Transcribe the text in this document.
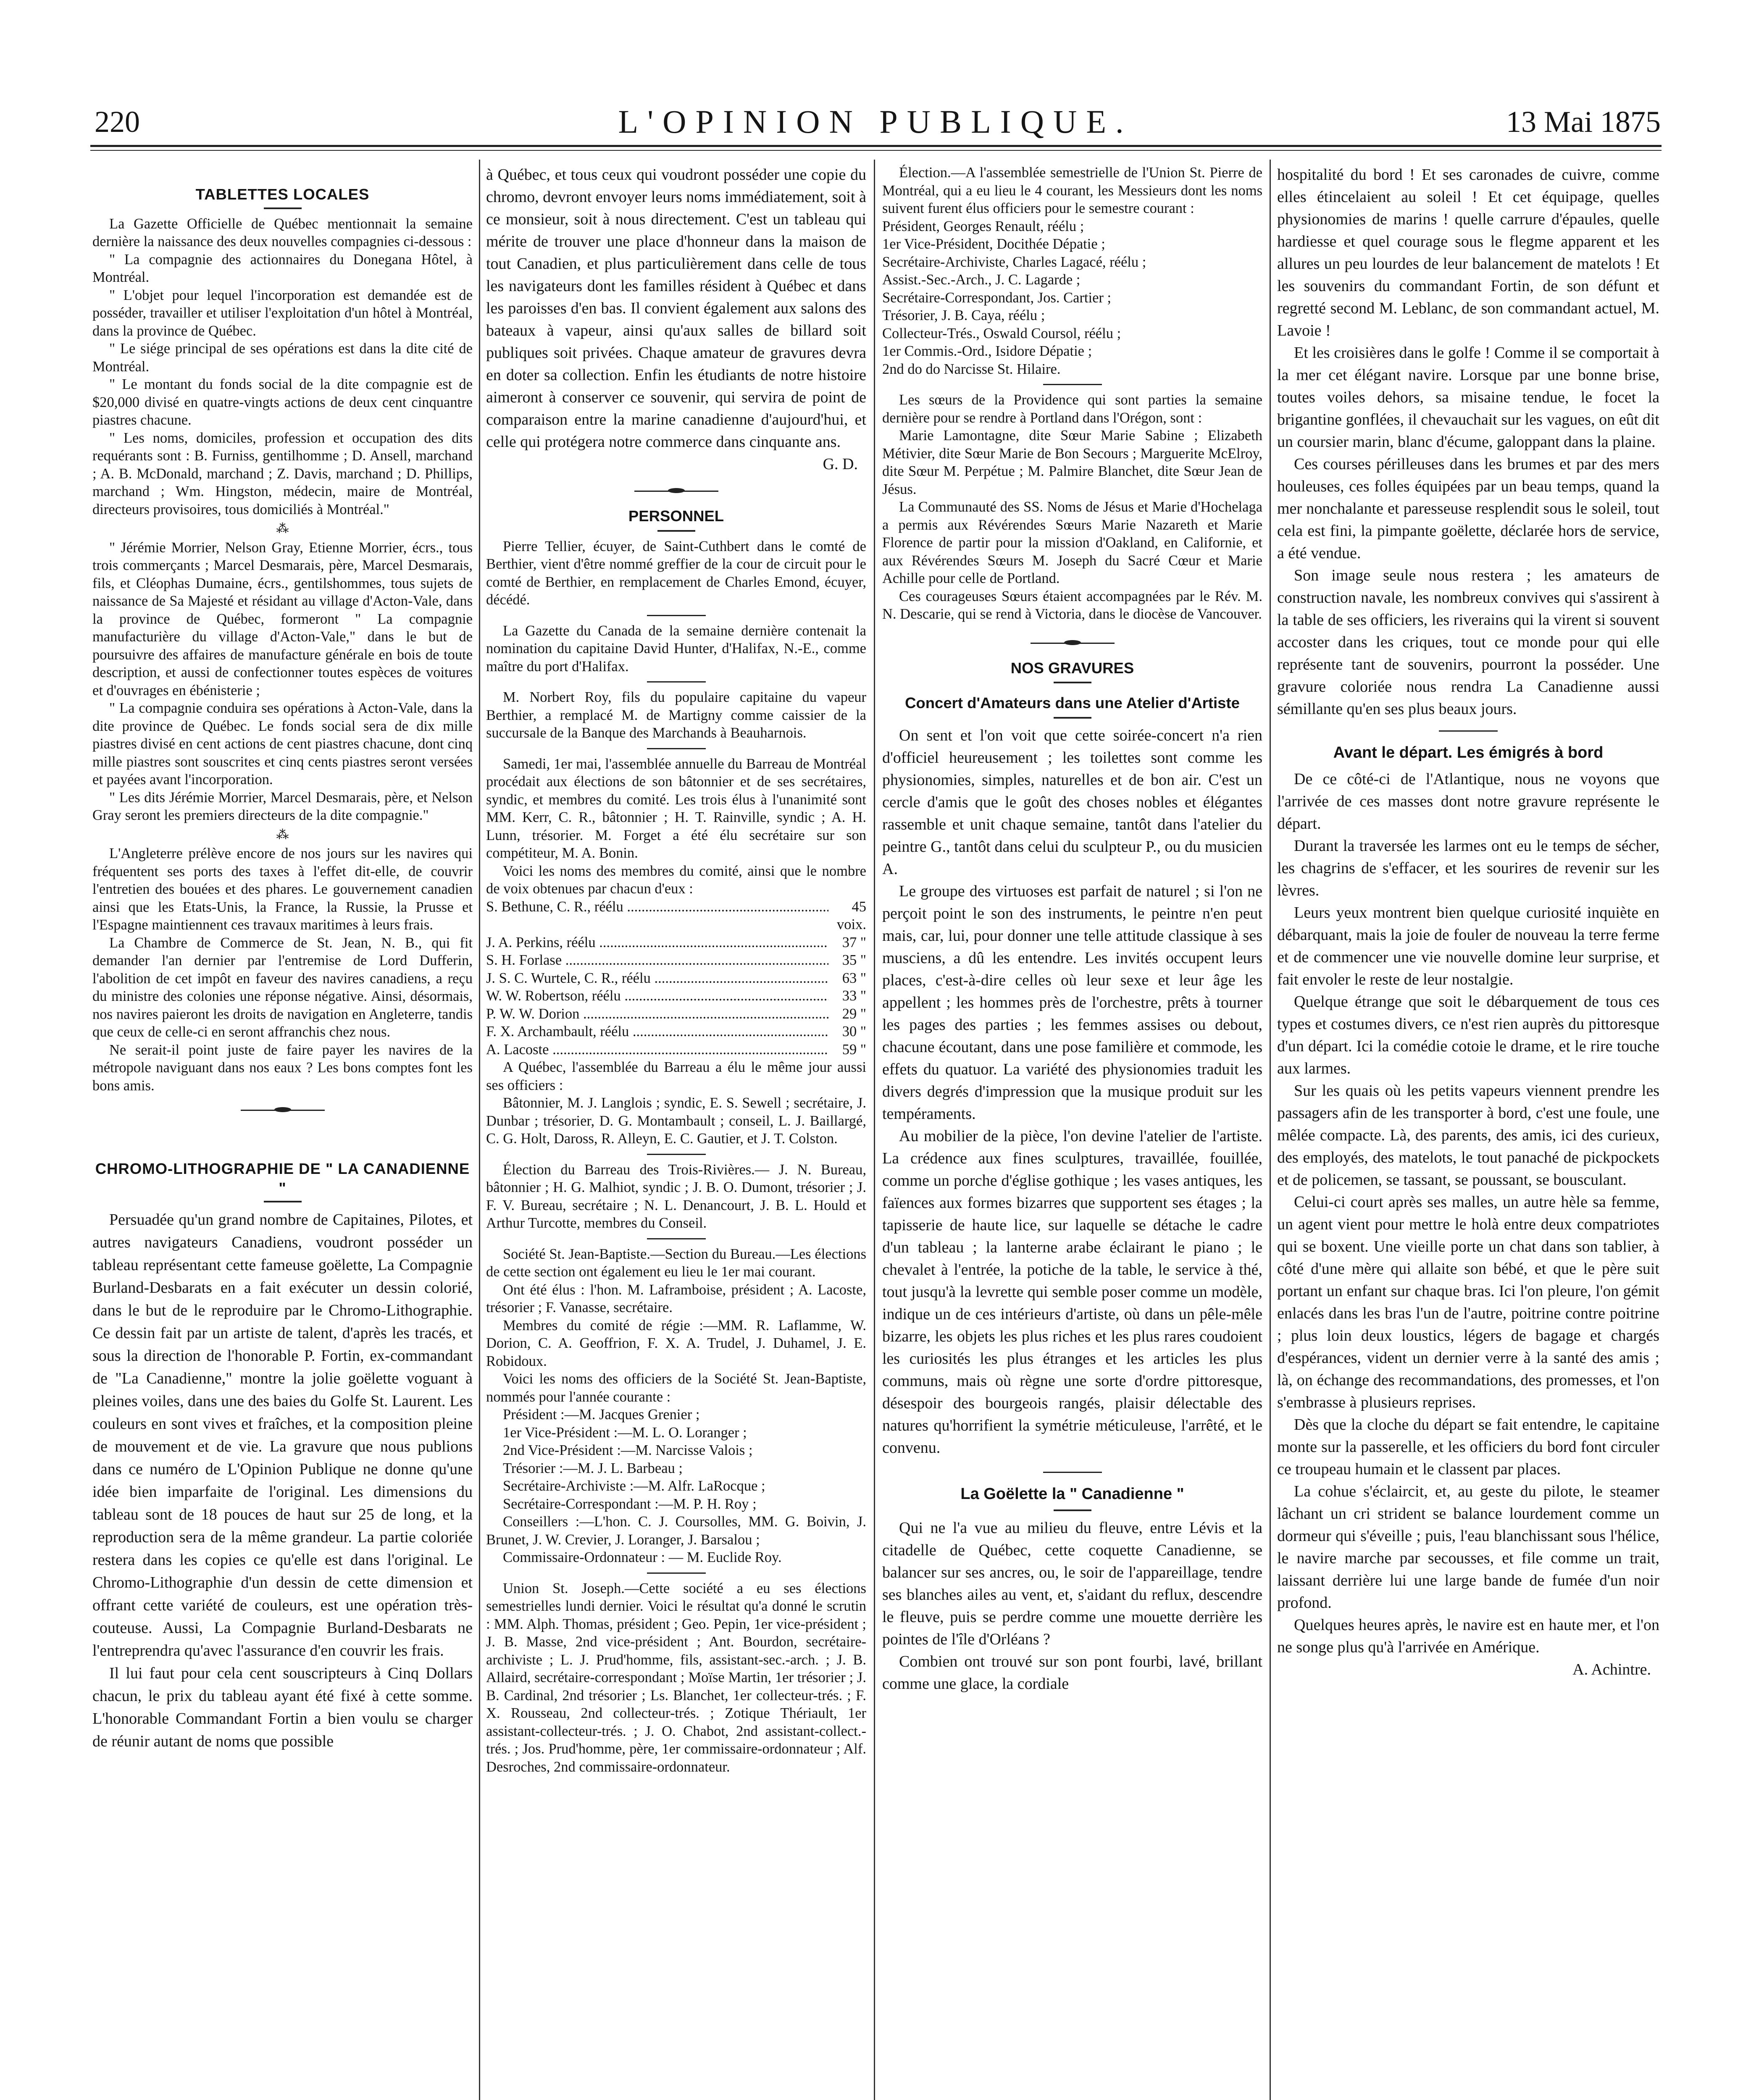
220	L'OPINION PUBLIQUE.	13 Mai 1875
TABLETTES LOCALES

La Gazette Officielle de Québec mentionnait la semaine dernière la naissance des deux nouvelles compagnies ci-dessous :

" La compagnie des actionnaires du Donegana Hôtel, à Montréal.

" L'objet pour lequel l'incorporation est demandée est de posséder, travailler et utiliser l'exploitation d'un hôtel à Montréal, dans la province de Québec.

" Le siége principal de ses opérations est dans la dite cité de Montréal.

" Le montant du fonds social de la dite compagnie est de $20,000 divisé en quatre-vingts actions de deux cent cinquantre piastres chacune.

" Les noms, domiciles, profession et occupation des dits requérants sont : B. Furniss, gentilhomme ; D. Ansell, marchand ; A. B. McDonald, marchand ; Z. Davis, marchand ; D. Phillips, marchand ; Wm. Hingston, médecin, maire de Montréal, directeurs provisoires, tous domiciliés à Montréal."

⁂

" Jérémie Morrier, Nelson Gray, Etienne Morrier, écrs., tous trois commerçants ; Marcel Desmarais, père, Marcel Desmarais, fils, et Cléophas Dumaine, écrs., gentilshommes, tous sujets de naissance de Sa Majesté et résidant au village d'Acton-Vale, dans la province de Québec, formeront " La compagnie manufacturière du village d'Acton-Vale," dans le but de poursuivre des affaires de manufacture générale en bois de toute description, et aussi de confectionner toutes espèces de voitures et d'ouvrages en ébénisterie ;

" La compagnie conduira ses opérations à Acton-Vale, dans la dite province de Québec. Le fonds social sera de dix mille piastres divisé en cent actions de cent piastres chacune, dont cinq mille piastres sont souscrites et cinq cents piastres seront versées et payées avant l'incorporation.

" Les dits Jérémie Morrier, Marcel Desmarais, père, et Nelson Gray seront les premiers directeurs de la dite compagnie."

⁂

L'Angleterre prélève encore de nos jours sur les navires qui fréquentent ses ports des taxes à l'effet dit-elle, de couvrir l'entretien des bouées et des phares. Le gouvernement canadien ainsi que les Etats-Unis, la France, la Russie, la Prusse et l'Espagne maintiennent ces travaux maritimes à leurs frais.

La Chambre de Commerce de St. Jean, N. B., qui fit demander l'an dernier par l'entremise de Lord Dufferin, l'abolition de cet impôt en faveur des navires canadiens, a reçu du ministre des colonies une réponse négative. Ainsi, désormais, nos navires paieront les droits de navigation en Angleterre, tandis que ceux de celle-ci en seront affranchis chez nous.

Ne serait-il point juste de faire payer les navires de la métropole naviguant dans nos eaux ? Les bons comptes font les bons amis.

CHROMO-LITHOGRAPHIE DE " LA CANADIENNE "

Persuadée qu'un grand nombre de Capitaines, Pilotes, et autres navigateurs Canadiens, voudront posséder un tableau représentant cette fameuse goëlette, La Compagnie Burland-Desbarats en a fait exécuter un dessin colorié, dans le but de le reproduire par le Chromo-Lithographie. Ce dessin fait par un artiste de talent, d'après les tracés, et sous la direction de l'honorable P. Fortin, ex-commandant de "La Canadienne," montre la jolie goëlette voguant à pleines voiles, dans une des baies du Golfe St. Laurent. Les couleurs en sont vives et fraîches, et la composition pleine de mouvement et de vie. La gravure que nous publions dans ce numéro de L'Opinion Publique ne donne qu'une idée bien imparfaite de l'original. Les dimensions du tableau sont de 18 pouces de haut sur 25 de long, et la reproduction sera de la même grandeur. La partie coloriée restera dans les copies ce qu'elle est dans l'original. Le Chromo-Lithographie d'un dessin de cette dimension et offrant cette variété de couleurs, est une opération très-couteuse. Aussi, La Compagnie Burland-Desbarats ne l'entreprendra qu'avec l'assurance d'en couvrir les frais.

Il lui faut pour cela cent souscripteurs à Cinq Dollars chacun, le prix du tableau ayant été fixé à cette somme. L'honorable Commandant Fortin a bien voulu se charger de réunir autant de noms que possible

à Québec, et tous ceux qui voudront posséder une copie du chromo, devront envoyer leurs noms immédiatement, soit à ce monsieur, soit à nous directement. C'est un tableau qui mérite de trouver une place d'honneur dans la maison de tout Canadien, et plus particulièrement dans celle de tous les navigateurs dont les familles résident à Québec et dans les paroisses d'en bas. Il convient également aux salons des bateaux à vapeur, ainsi qu'aux salles de billard soit publiques soit privées. Chaque amateur de gravures devra en doter sa collection. Enfin les étudiants de notre histoire aimeront à conserver ce souvenir, qui servira de point de comparaison entre la marine canadienne d'aujourd'hui, et celle qui protégera notre commerce dans cinquante ans.

G. D.
PERSONNEL

Pierre Tellier, écuyer, de Saint-Cuthbert dans le comté de Berthier, vient d'être nommé greffier de la cour de circuit pour le comté de Berthier, en remplacement de Charles Emond, écuyer, décédé.

La Gazette du Canada de la semaine dernière contenait la nomination du capitaine David Hunter, d'Halifax, N.-E., comme maître du port d'Halifax.

M. Norbert Roy, fils du populaire capitaine du vapeur Berthier, a remplacé M. de Martigny comme caissier de la succursale de la Banque des Marchands à Beauharnois.

Samedi, 1er mai, l'assemblée annuelle du Barreau de Montréal procédait aux élections de son bâtonnier et de ses secrétaires, syndic, et membres du comité. Les trois élus à l'unanimité sont MM. Kerr, C. R., bâtonnier ; H. T. Rainville, syndic ; A. H. Lunn, trésorier. M. Forget a été élu secrétaire sur son compétiteur, M. A. Bonin.

Voici les noms des membres du comité, ainsi que le nombre de voix obtenues par chacun d'eux :

S. Bethune, C. R., réélu .....	45 voix.
J. A. Perkins, réélu .....	37 "
S. H. Forlase .....	35 "
J. S. C. Wurtele, C. R., réélu .....	63 "
W. W. Robertson, réélu .....	33 "
P. W. W. Dorion .....	29 "
F. X. Archambault, réélu .....	30 "
A. Lacoste .....	59 "

A Québec, l'assemblée du Barreau a élu le même jour aussi ses officiers :

Bâtonnier, M. J. Langlois ; syndic, E. S. Sewell ; secrétaire, J. Dunbar ; trésorier, D. G. Montambault ; conseil, L. J. Baillargé, C. G. Holt, Daross, R. Alleyn, E. C. Gautier, et J. T. Colston.

Élection du Barreau des Trois-Rivières.— J. N. Bureau, bâtonnier ; H. G. Malhiot, syndic ; J. B. O. Dumont, trésorier ; J. F. V. Bureau, secrétaire ; N. L. Denancourt, J. B. L. Hould et Arthur Turcotte, membres du Conseil.

Société St. Jean-Baptiste.—Section du Bureau.—Les élections de cette section ont également eu lieu le 1er mai courant.

Ont été élus : l'hon. M. Laframboise, président ; A. Lacoste, trésorier ; F. Vanasse, secrétaire.

Membres du comité de régie :—MM. R. Laflamme, W. Dorion, C. A. Geoffrion, F. X. A. Trudel, J. Duhamel, J. E. Robidoux.

Voici les noms des officiers de la Société St. Jean-Baptiste, nommés pour l'année courante :

Président :—M. Jacques Grenier ;

1er Vice-Président :—M. L. O. Loranger ;

2nd Vice-Président :—M. Narcisse Valois ;

Trésorier :—M. J. L. Barbeau ;

Secrétaire-Archiviste :—M. Alfr. LaRocque ;

Secrétaire-Correspondant :—M. P. H. Roy ;

Conseillers :—L'hon. C. J. Coursolles, MM. G. Boivin, J. Brunet, J. W. Crevier, J. Loranger, J. Barsalou ;

Commissaire-Ordonnateur : — M. Euclide Roy.

Union St. Joseph.—Cette société a eu ses élections semestrielles lundi dernier. Voici le résultat qu'a donné le scrutin : MM. Alph. Thomas, président ; Geo. Pepin, 1er vice-président ; J. B. Masse, 2nd vice-président ; Ant. Bourdon, secrétaire-archiviste ; L. J. Prud'homme, fils, assistant-sec.-arch. ; J. B. Allaird, secrétaire-correspondant ; Moïse Martin, 1er trésorier ; J. B. Cardinal, 2nd trésorier ; Ls. Blanchet, 1er collecteur-trés. ; F. X. Rousseau, 2nd collecteur-trés. ; Zotique Thériault, 1er assistant-collecteur-trés. ; J. O. Chabot, 2nd assistant-collect.-trés. ; Jos. Prud'homme, père, 1er commissaire-ordonnateur ; Alf. Desroches, 2nd commissaire-ordonnateur.

Élection.—A l'assemblée semestrielle de l'Union St. Pierre de Montréal, qui a eu lieu le 4 courant, les Messieurs dont les noms suivent furent élus officiers pour le semestre courant :

Président, Georges Renault, réélu ;

1er Vice-Président, Docithée Dépatie ;

Secrétaire-Archiviste, Charles Lagacé, réélu ;

Assist.-Sec.-Arch., J. C. Lagarde ;

Secrétaire-Correspondant, Jos. Cartier ;

Trésorier, J. B. Caya, réélu ;

Collecteur-Trés., Oswald Coursol, réélu ;

1er Commis.-Ord., Isidore Dépatie ;

2nd do do Narcisse St. Hilaire.

Les sœurs de la Providence qui sont parties la semaine dernière pour se rendre à Portland dans l'Orégon, sont :

Marie Lamontagne, dite Sœur Marie Sabine ; Elizabeth Métivier, dite Sœur Marie de Bon Secours ; Marguerite McElroy, dite Sœur M. Perpétue ; M. Palmire Blanchet, dite Sœur Jean de Jésus.

La Communauté des SS. Noms de Jésus et Marie d'Hochelaga a permis aux Révérendes Sœurs Marie Nazareth et Marie Florence de partir pour la mission d'Oakland, en Californie, et aux Révérendes Sœurs M. Joseph du Sacré Cœur et Marie Achille pour celle de Portland.

Ces courageuses Sœurs étaient accompagnées par le Rév. M. N. Descarie, qui se rend à Victoria, dans le diocèse de Vancouver.

NOS GRAVURES
Concert d'Amateurs dans une Atelier d'Artiste

On sent et l'on voit que cette soirée-concert n'a rien d'officiel heureusement ; les toilettes sont comme les physionomies, simples, naturelles et de bon air. C'est un cercle d'amis que le goût des choses nobles et élégantes rassemble et unit chaque semaine, tantôt dans l'atelier du peintre G., tantôt dans celui du sculpteur P., ou du musicien A.

Le groupe des virtuoses est parfait de naturel ; si l'on ne perçoit point le son des instruments, le peintre n'en peut mais, car, lui, pour donner une telle attitude classique à ses musciens, a dû les entendre. Les invités occupent leurs places, c'est-à-dire celles où leur sexe et leur âge les appellent ; les hommes près de l'orchestre, prêts à tourner les pages des parties ; les femmes assises ou debout, chacune écoutant, dans une pose familière et commode, les effets du quatuor. La variété des physionomies traduit les divers degrés d'impression que la musique produit sur les tempéraments.

Au mobilier de la pièce, l'on devine l'atelier de l'artiste. La crédence aux fines sculptures, travaillée, fouillée, comme un porche d'église gothique ; les vases antiques, les faïences aux formes bizarres que supportent ses étages ; la tapisserie de haute lice, sur laquelle se détache le cadre d'un tableau ; la lanterne arabe éclairant le piano ; le chevalet à l'entrée, la potiche de la table, le service à thé, tout jusqu'à la levrette qui semble poser comme un modèle, indique un de ces intérieurs d'artiste, où dans un pêle-mêle bizarre, les objets les plus riches et les plus rares coudoient les curiosités les plus étranges et les articles les plus communs, mais où règne une sorte d'ordre pittoresque, désespoir des bourgeois rangés, plaisir délectable des natures qu'horrifient la symétrie méticuleuse, l'arrêté, et le convenu.

La Goëlette la " Canadienne "

Qui ne l'a vue au milieu du fleuve, entre Lévis et la citadelle de Québec, cette coquette Canadienne, se balancer sur ses ancres, ou, le soir de l'appareillage, tendre ses blanches ailes au vent, et, s'aidant du reflux, descendre le fleuve, puis se perdre comme une mouette derrière les pointes de l'île d'Orléans ?

Combien ont trouvé sur son pont fourbi, lavé, brillant comme une glace, la cordiale

hospitalité du bord ! Et ses caronades de cuivre, comme elles étincelaient au soleil ! Et cet équipage, quelles physionomies de marins ! quelle carrure d'épaules, quelle hardiesse et quel courage sous le flegme apparent et les allures un peu lourdes de leur balancement de matelots ! Et les souvenirs du commandant Fortin, de son défunt et regretté second M. Leblanc, de son commandant actuel, M. Lavoie !

Et les croisières dans le golfe ! Comme il se comportait à la mer cet élégant navire. Lorsque par une bonne brise, toutes voiles dehors, sa misaine tendue, le focet la brigantine gonflées, il chevauchait sur les vagues, on eût dit un coursier marin, blanc d'écume, galoppant dans la plaine.

Ces courses périlleuses dans les brumes et par des mers houleuses, ces folles équipées par un beau temps, quand la mer nonchalante et paresseuse resplendit sous le soleil, tout cela est fini, la pimpante goëlette, déclarée hors de service, a été vendue.

Son image seule nous restera ; les amateurs de construction navale, les nombreux convives qui s'assirent à la table de ses officiers, les riverains qui la virent si souvent accoster dans les criques, tout ce monde pour qui elle représente tant de souvenirs, pourront la posséder. Une gravure coloriée nous rendra La Canadienne aussi sémillante qu'en ses plus beaux jours.

Avant le départ. Les émigrés à bord

De ce côté-ci de l'Atlantique, nous ne voyons que l'arrivée de ces masses dont notre gravure représente le départ.

Durant la traversée les larmes ont eu le temps de sécher, les chagrins de s'effacer, et les sourires de revenir sur les lèvres.

Leurs yeux montrent bien quelque curiosité inquiète en débarquant, mais la joie de fouler de nouveau la terre ferme et de commencer une vie nouvelle domine leur surprise, et fait envoler le reste de leur nostalgie.

Quelque étrange que soit le débarquement de tous ces types et costumes divers, ce n'est rien auprès du pittoresque d'un départ. Ici la comédie cotoie le drame, et le rire touche aux larmes.

Sur les quais où les petits vapeurs viennent prendre les passagers afin de les transporter à bord, c'est une foule, une mêlée compacte. Là, des parents, des amis, ici des curieux, des employés, des matelots, le tout panaché de pickpockets et de policemen, se tassant, se poussant, se bousculant.

Celui-ci court après ses malles, un autre hèle sa femme, un agent vient pour mettre le holà entre deux compatriotes qui se boxent. Une vieille porte un chat dans son tablier, à côté d'une mère qui allaite son bébé, et que le père suit portant un enfant sur chaque bras. Ici l'on pleure, l'on gémit enlacés dans les bras l'un de l'autre, poitrine contre poitrine ; plus loin deux loustics, légers de bagage et chargés d'espérances, vident un dernier verre à la santé des amis ; là, on échange des recommandations, des promesses, et l'on s'embrasse à plusieurs reprises.

Dès que la cloche du départ se fait entendre, le capitaine monte sur la passerelle, et les officiers du bord font circuler ce troupeau humain et le classent par places.

La cohue s'éclaircit, et, au geste du pilote, le steamer lâchant un cri strident se balance lourdement comme un dormeur qui s'éveille ; puis, l'eau blanchissant sous l'hélice, le navire marche par secousses, et file comme un trait, laissant derrière lui une large bande de fumée d'un noir profond.

Quelques heures après, le navire est en haute mer, et l'on ne songe plus qu'à l'arrivée en Amérique.

A. Achintre.
